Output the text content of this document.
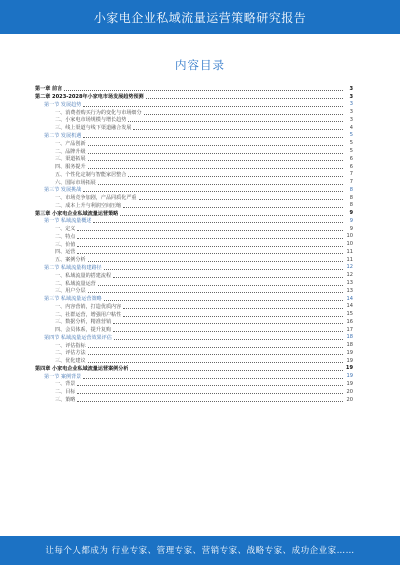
小家电企业私域流量运营策略研究报告
内容目录
第一章 前言	3
第二章 2023-2028年小家电市场发展趋势预测	3
第一节 发展趋势	3
一、消费者购买行为的变化与市场细分	3
二、小家电市场规模与增长趋势	3
三、线上渠道与线下渠道融合发展	4
第二节 发展机遇	5
一、产品创新	5
二、品牌升级	5
三、渠道拓展	6
四、服务提升	6
五、个性化定制与智能家居整合	7
六、国际市场拓展	7
第三节 发展挑战	8
一、市场竞争加剧，产品同质化严重	8
二、成本上升与利润空间压缩	8
第三章 小家电企业私域流量运营策略	9
第一节 私域流量概述	9
一、定义	9
二、特点	10
三、价值	10
四、运营	11
五、案例分析	11
第二节 私域流量构建路径	12
一、私域流量的搭建流程	12
二、私域流量运营	13
三、用户分层	13
第三节 私域流量运营策略	14
一、内容营销，打造优质内容	14
二、社群运营，增强用户粘性	15
三、数据分析，精准营销	16
四、会员体系，提升复购	17
第四节 私域流量运营效果评估	18
一、评估指标	18
二、评估方法	19
三、优化建议	19
第四章 小家电企业私域流量运营案例分析	19
第一节 案例背景	19
一、背景	19
二、目标	20
三、策略	20
让每个人都成为 行业专家、管理专家、营销专家、战略专家、成功企业家……
